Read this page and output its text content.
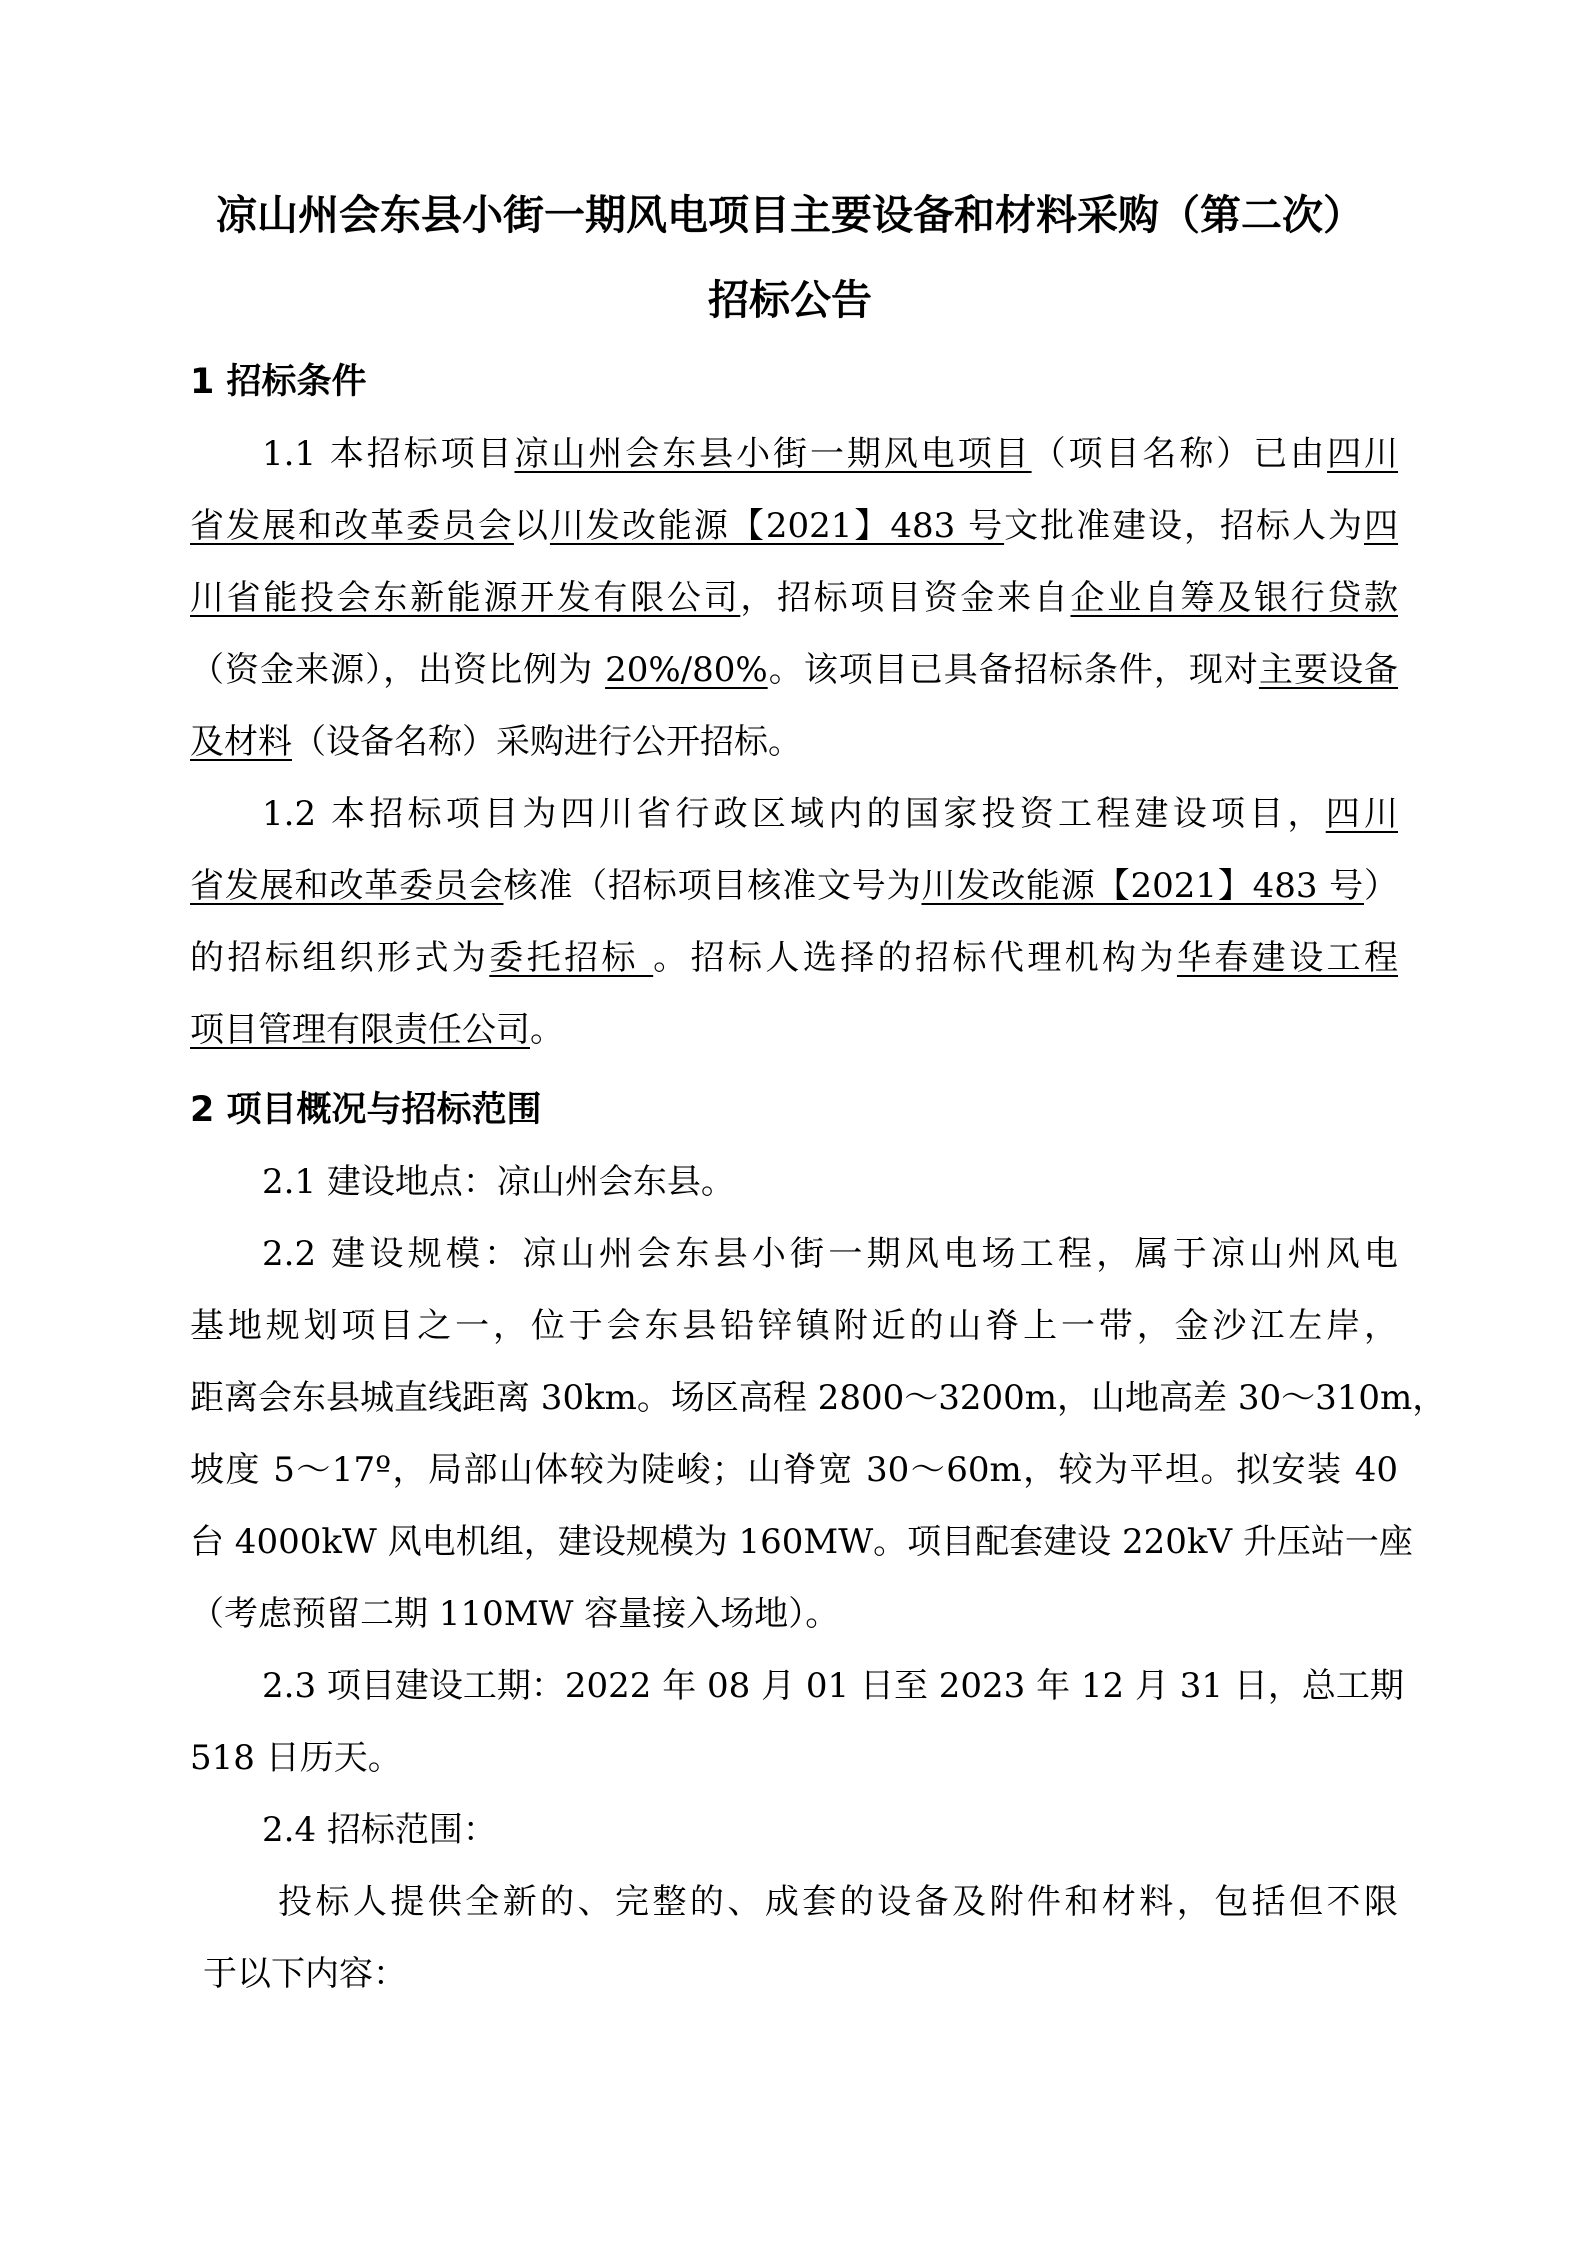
凉山州会东县小街一期风电项目主要设备和材料采购（第二次）
招标公告
1 招标条件
1.1 本招标项目凉山州会东县小街一期风电项目（项目名称）已由四川
省发展和改革委员会以川发改能源【2021】483 号文批准建设，招标人为四
川省能投会东新能源开发有限公司，招标项目资金来自企业自筹及银行贷款
（资金来源），出资比例为 20%/80%。该项目已具备招标条件，现对主要设备
及材料（设备名称）采购进行公开招标。
1.2 本招标项目为四川省行政区域内的国家投资工程建设项目，四川
省发展和改革委员会核准（招标项目核准文号为川发改能源【2021】483 号）
的招标组织形式为委托招标 。招标人选择的招标代理机构为华春建设工程
项目管理有限责任公司。
2 项目概况与招标范围
2.1 建设地点：凉山州会东县。
2.2 建设规模：凉山州会东县小街一期风电场工程，属于凉山州风电
基地规划项目之一，位于会东县铅锌镇附近的山脊上一带，金沙江左岸，
距离会东县城直线距离 30km。场区高程 2800～3200m，山地高差 30～310m，
坡度 5～17º，局部山体较为陡峻；山脊宽 30～60m，较为平坦。拟安装 40
台 4000kW 风电机组，建设规模为 160MW。项目配套建设 220kV 升压站一座
（考虑预留二期 110MW 容量接入场地）。
2.3 项目建设工期：2022 年 08 月 01 日至 2023 年 12 月 31 日，总工期
518 日历天。
2.4 招标范围：
投标人提供全新的、完整的、成套的设备及附件和材料，包括但不限
于以下内容：
